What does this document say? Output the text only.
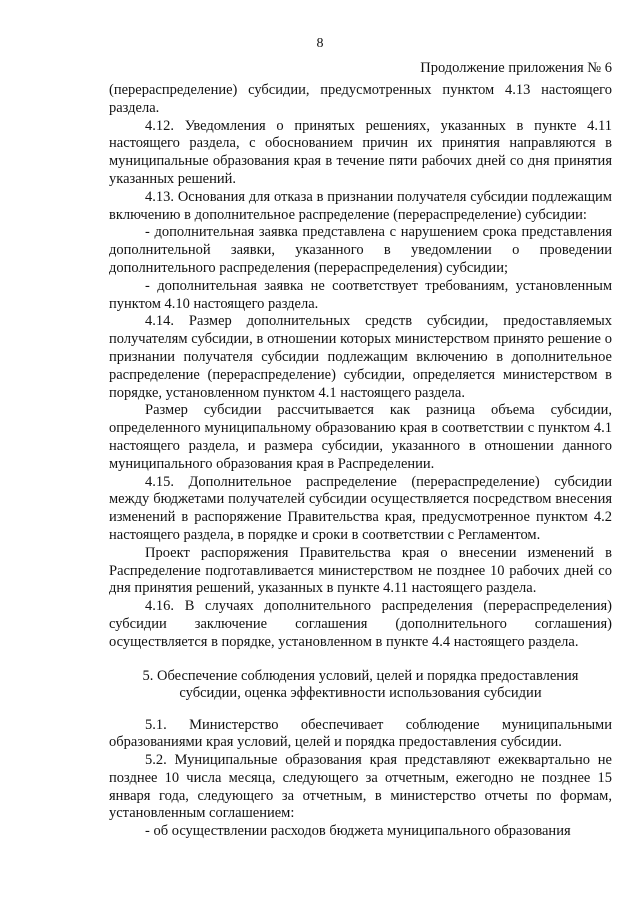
8
Продолжение приложения № 6

(перераспределение) субсидии, предусмотренных пунктом 4.13 настоящего раздела.

4.12. Уведомления о принятых решениях, указанных в пункте 4.11 настоящего раздела, с обоснованием причин их принятия направляются в муниципальные образования края в течение пяти рабочих дней со дня принятия указанных решений.

4.13. Основания для отказа в признании получателя субсидии подлежащим включению в дополнительное распределение (перераспределение) субсидии:

- дополнительная заявка представлена с нарушением срока представления дополнительной заявки, указанного в уведомлении о проведении дополнительного распределения (перераспределения) субсидии;

- дополнительная заявка не соответствует требованиям, установленным пунктом 4.10 настоящего раздела.

4.14. Размер дополнительных средств субсидии, предоставляемых получателям субсидии, в отношении которых министерством принято решение о признании получателя субсидии подлежащим включению в дополнительное распределение (перераспределение) субсидии, определяется министерством в порядке, установленном пунктом 4.1 настоящего раздела.

Размер субсидии рассчитывается как разница объема субсидии, определенного муниципальному образованию края в соответствии с пунктом 4.1 настоящего раздела, и размера субсидии, указанного в отношении данного муниципального образования края в Распределении.

4.15. Дополнительное распределение (перераспределение) субсидии между бюджетами получателей субсидии осуществляется посредством внесения изменений в распоряжение Правительства края, предусмотренное пунктом 4.2 настоящего раздела, в порядке и сроки в соответствии с Регламентом.

Проект распоряжения Правительства края о внесении изменений в Распределение подготавливается министерством не позднее 10 рабочих дней со дня принятия решений, указанных в пункте 4.11 настоящего раздела.

4.16. В случаях дополнительного распределения (перераспределения) субсидии заключение соглашения (дополнительного соглашения) осуществляется в порядке, установленном в пункте 4.4 настоящего раздела.

5. Обеспечение соблюдения условий, целей и порядка предоставления субсидии, оценка эффективности использования субсидии

5.1. Министерство обеспечивает соблюдение муниципальными образованиями края условий, целей и порядка предоставления субсидии.

5.2. Муниципальные образования края представляют ежеквартально не позднее 10 числа месяца, следующего за отчетным, ежегодно не позднее 15 января года, следующего за отчетным, в министерство отчеты по формам, установленным соглашением:

- об осуществлении расходов бюджета муниципального образования
